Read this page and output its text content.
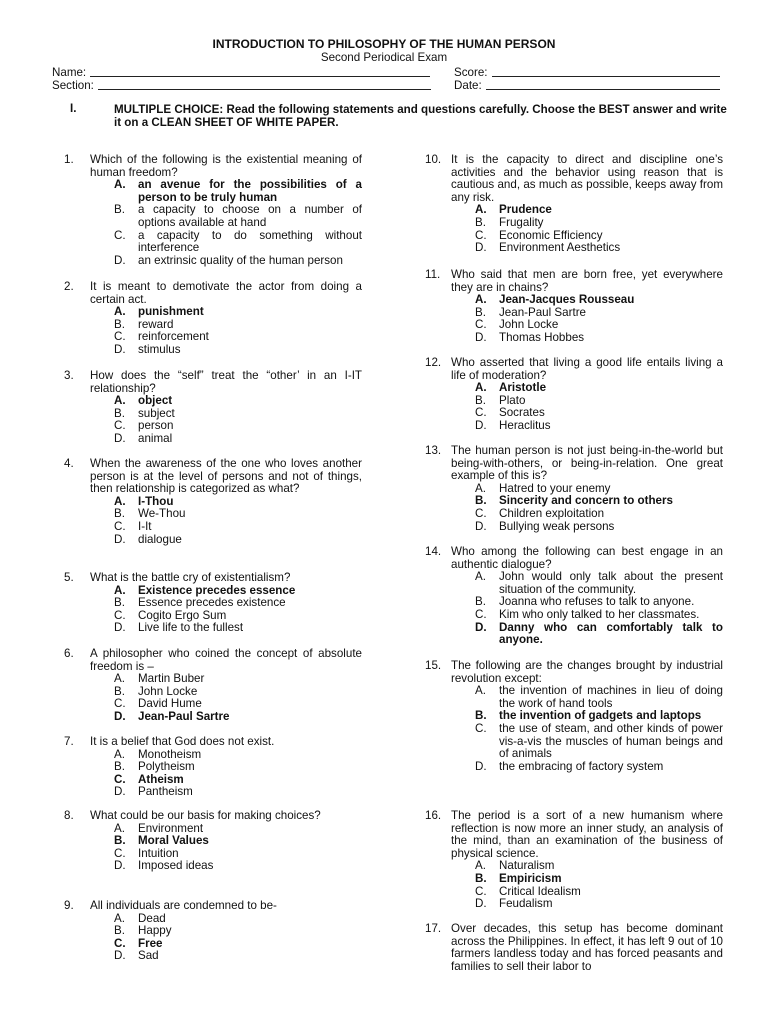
INTRODUCTION TO PHILOSOPHY OF THE HUMAN PERSON
Second Periodical Exam
Name:	Score:
Section:	Date:
I.	MULTIPLE CHOICE: Read the following statements and questions carefully. Choose the BEST answer and write it on a CLEAN SHEET OF WHITE PAPER.
1. Which of the following is the existential meaning of human freedom?
A. an avenue for the possibilities of a person to be truly human
B. a capacity to choose on a number of options available at hand
C. a capacity to do something without interference
D. an extrinsic quality of the human person
2. It is meant to demotivate the actor from doing a certain act.
A. punishment
B. reward
C. reinforcement
D. stimulus
3. How does the “self” treat the “other’ in an I-IT relationship?
A. object
B. subject
C. person
D. animal
4. When the awareness of the one who loves another person is at the level of persons and not of things, then relationship is categorized as what?
A. I-Thou
B. We-Thou
C. I-It
D. dialogue
5. What is the battle cry of existentialism?
A. Existence precedes essence
B. Essence precedes existence
C. Cogito Ergo Sum
D. Live life to the fullest
6. A philosopher who coined the concept of absolute freedom is –
A. Martin Buber
B. John Locke
C. David Hume
D. Jean-Paul Sartre
7. It is a belief that God does not exist.
A. Monotheism
B. Polytheism
C. Atheism
D. Pantheism
8. What could be our basis for making choices?
A. Environment
B. Moral Values
C. Intuition
D. Imposed ideas
9. All individuals are condemned to be-
A. Dead
B. Happy
C. Free
D. Sad
10. It is the capacity to direct and discipline one’s activities and the behavior using reason that is cautious and, as much as possible, keeps away from any risk.
A. Prudence
B. Frugality
C. Economic Efficiency
D. Environment Aesthetics
11. Who said that men are born free, yet everywhere they are in chains?
A. Jean-Jacques Rousseau
B. Jean-Paul Sartre
C. John Locke
D. Thomas Hobbes
12. Who asserted that living a good life entails living a life of moderation?
A. Aristotle
B. Plato
C. Socrates
D. Heraclitus
13. The human person is not just being-in-the-world but being-with-others, or being-in-relation. One great example of this is?
A. Hatred to your enemy
B. Sincerity and concern to others
C. Children exploitation
D. Bullying weak persons
14. Who among the following can best engage in an authentic dialogue?
A. John would only talk about the present situation of the community.
B. Joanna who refuses to talk to anyone.
C. Kim who only talked to her classmates.
D. Danny who can comfortably talk to anyone.
15. The following are the changes brought by industrial revolution except:
A. the invention of machines in lieu of doing the work of hand tools
B. the invention of gadgets and laptops
C. the use of steam, and other kinds of power vis-a-vis the muscles of human beings and of animals
D. the embracing of factory system
16. The period is a sort of a new humanism where reflection is now more an inner study, an analysis of the mind, than an examination of the business of physical science.
A. Naturalism
B. Empiricism
C. Critical Idealism
D. Feudalism
17. Over decades, this setup has become dominant across the Philippines. In effect, it has left 9 out of 10 farmers landless today and has forced peasants and families to sell their labor to
